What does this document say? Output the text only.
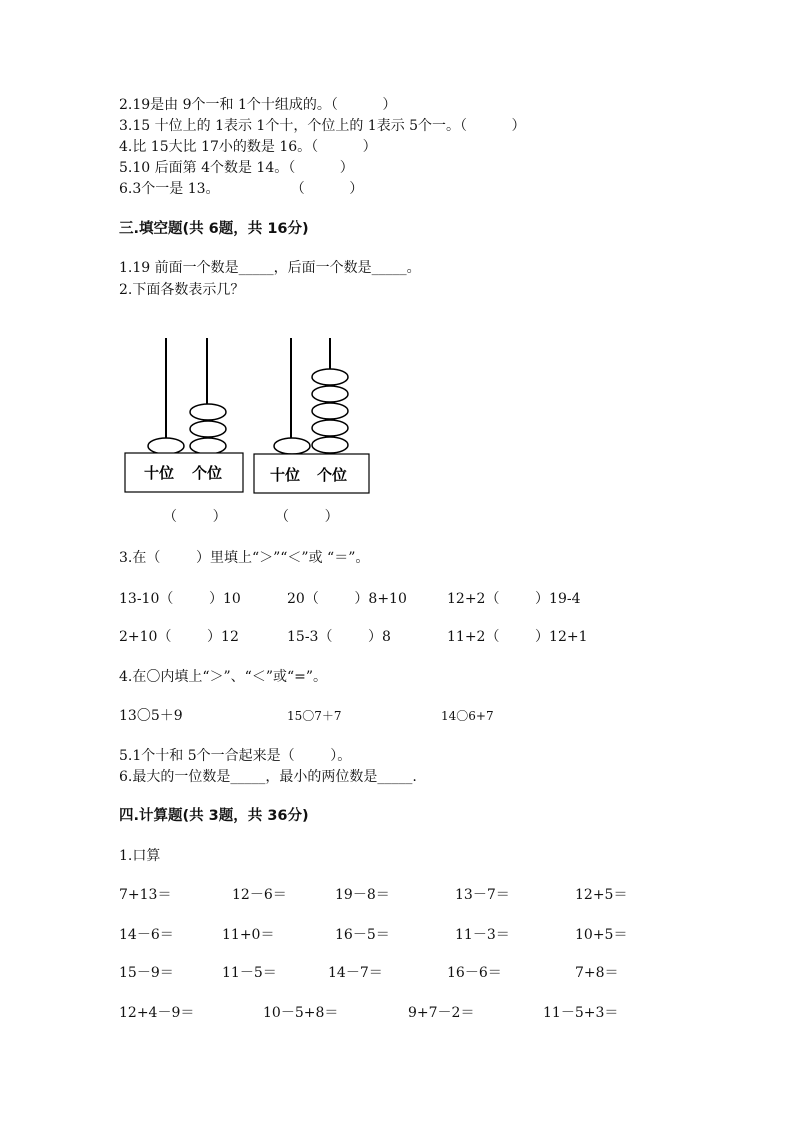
2.19是由 9个一和 1个十组成的。（          ）
3.15 十位上的 1表示 1个十，个位上的 1表示 5个一。（          ）
4.比 15大比 17小的数是 16。（          ）
5.10 后面第 4个数是 14。（          ）
6.3个一是 13。                （          ）
三.填空题(共 6题，共 16分)
1.19 前面一个数是_____，后面一个数是_____。
2.下面各数表示几？
十位 个位	十位 个位
（        ）	（        ）
3.在（        ）里填上“＞”“＜”或 “＝”。
13-10（        ）10	20（        ）8+10	12+2（        ）19-4
2+10（        ）12	15-3（        ）8	11+2（        ）12+1
4.在〇内填上“＞”、“＜”或“=”。
13〇5＋9	15〇7＋7	14〇6+7
5.1个十和 5个一合起来是（        ）。
6.最大的一位数是_____，最小的两位数是_____.
四.计算题(共 3题，共 36分)
1.口算
7+13＝	12－6＝	19－8＝	13－7＝	12+5＝
14－6＝	11+0＝	16－5＝	11－3＝	10+5＝
15－9＝	11－5＝	14－7＝	16－6＝	7+8＝
12+4－9＝	10－5+8＝	9+7－2＝	11－5+3＝
